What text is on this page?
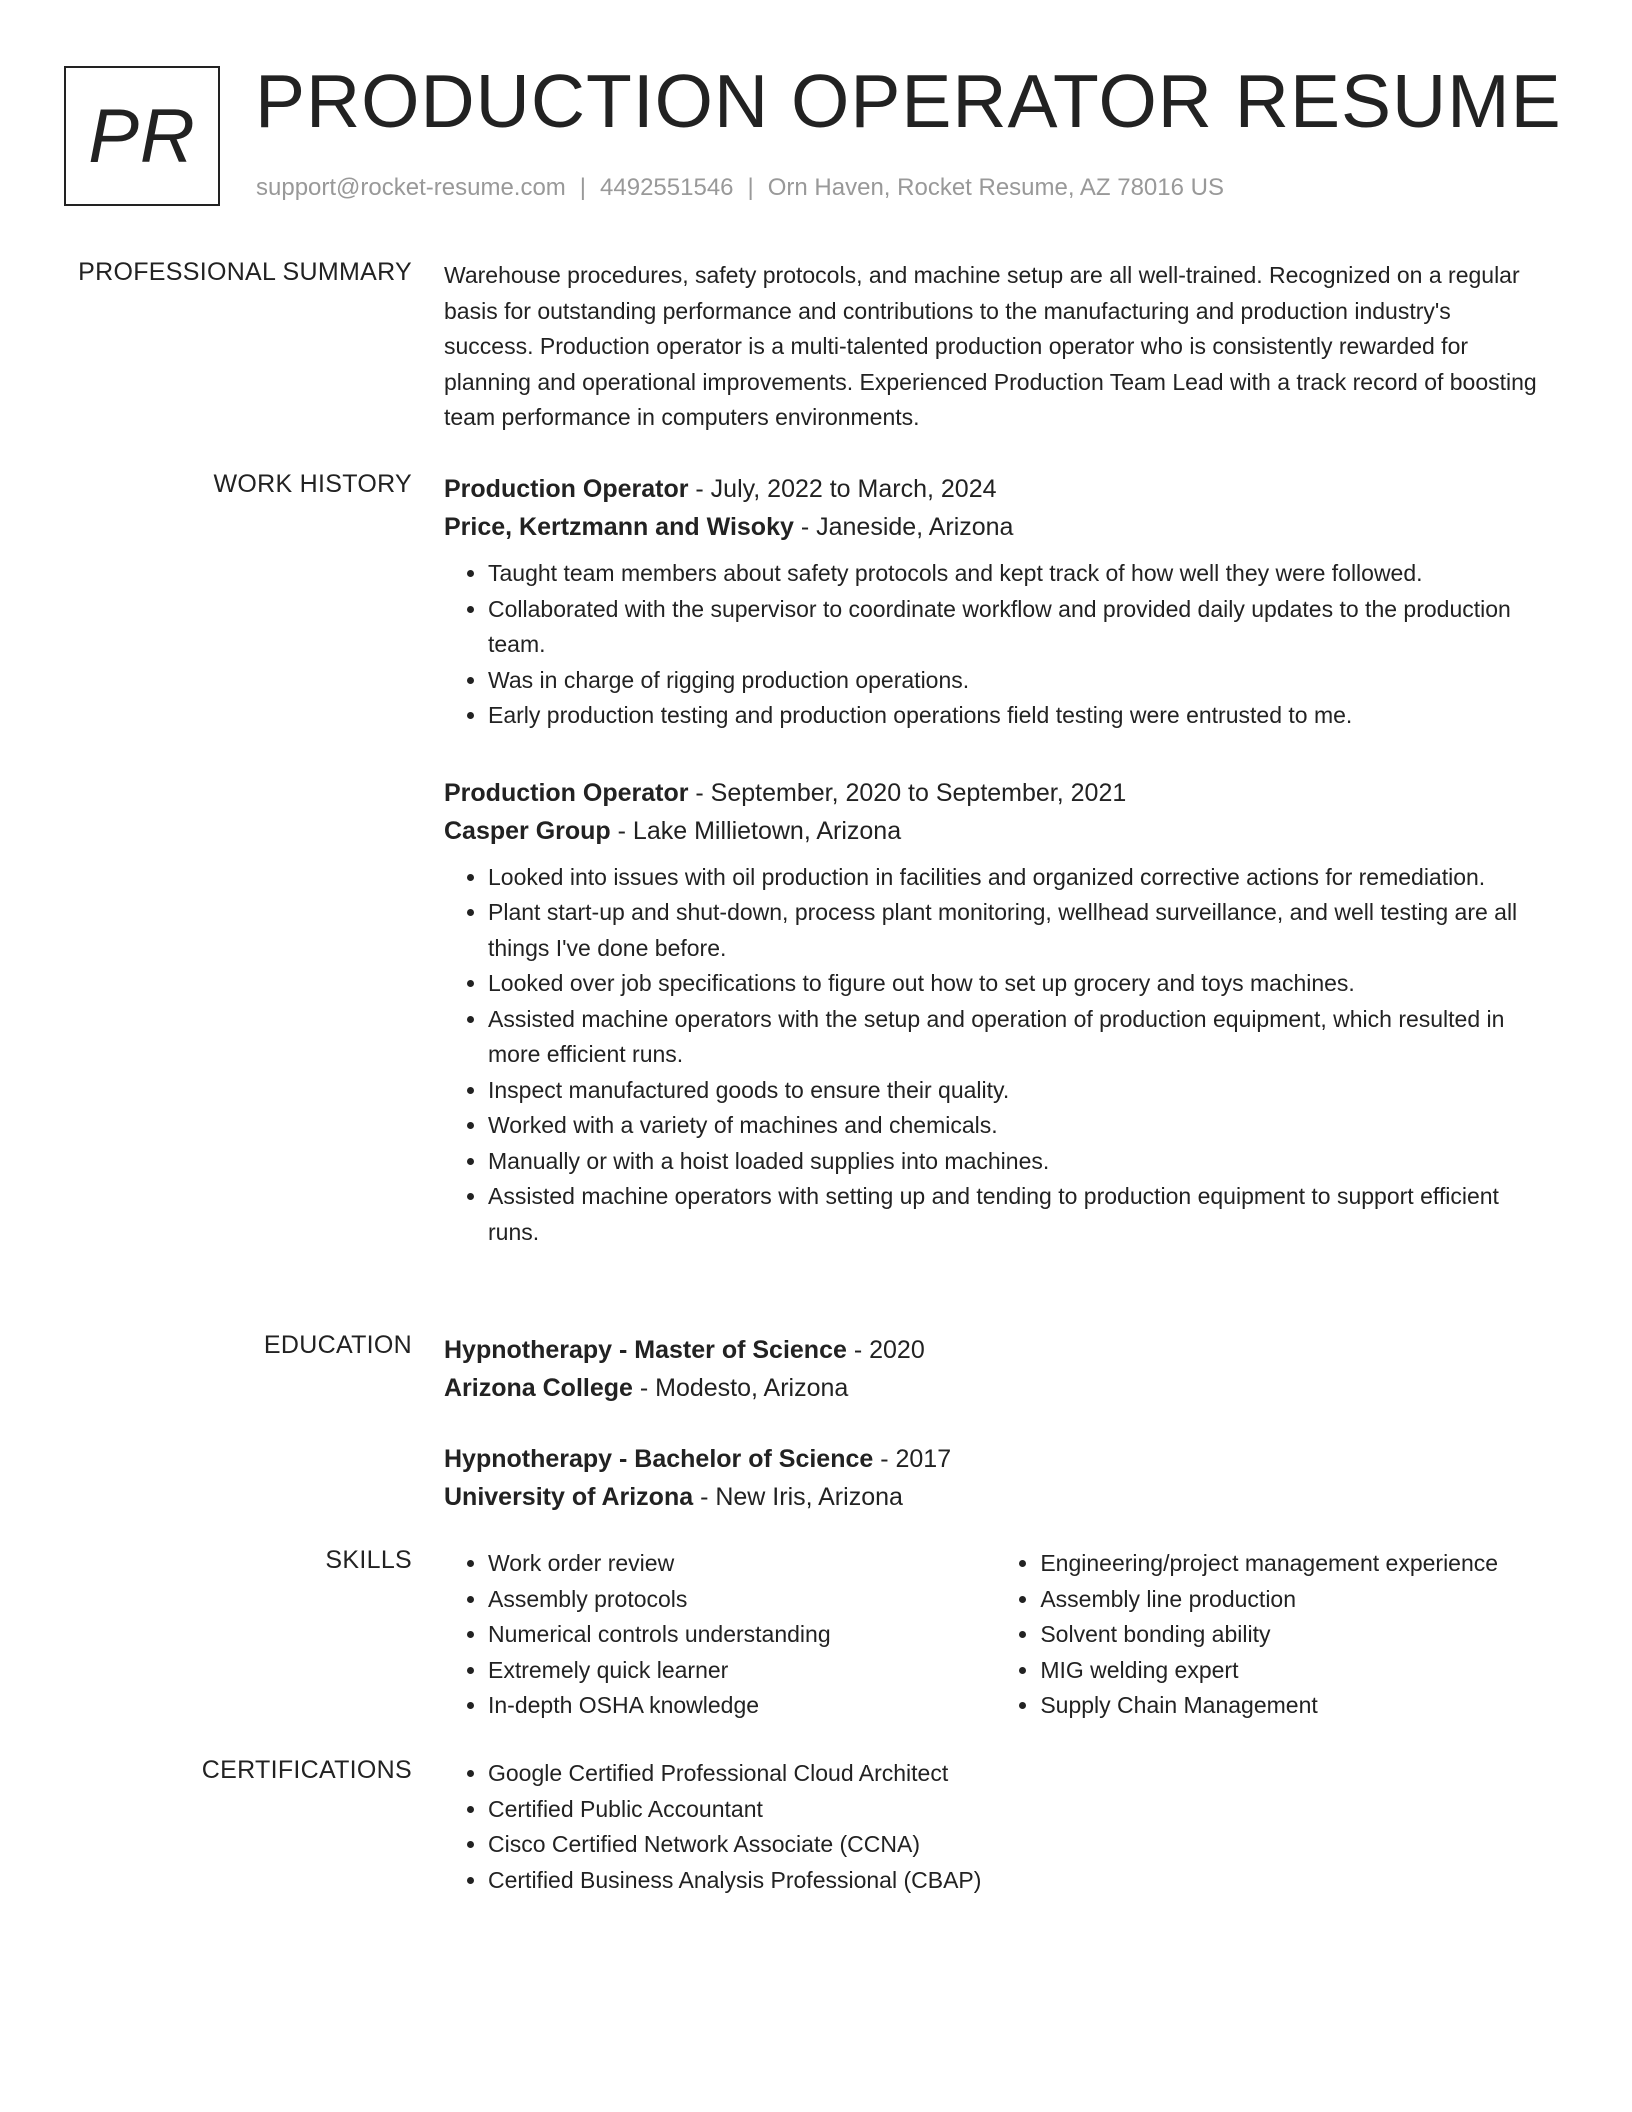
PR PRODUCTION OPERATOR RESUME
support@rocket-resume.com | 4492551546 | Orn Haven, Rocket Resume, AZ 78016 US
PROFESSIONAL SUMMARY Warehouse procedures, safety protocols, and machine setup are all well-trained. Recognized on a regular basis for outstanding performance and contributions to the manufacturing and production industry's success. Production operator is a multi-talented production operator who is consistently rewarded for planning and operational improvements. Experienced Production Team Lead with a track record of boosting team performance in computers environments.

WORK HISTORY Production Operator - July, 2022 to March, 2024
Price, Kertzmann and Wisoky - Janeside, Arizona
• Taught team members about safety protocols and kept track of how well they were followed.
• Collaborated with the supervisor to coordinate workflow and provided daily updates to the production team.
• Was in charge of rigging production operations.
• Early production testing and production operations field testing were entrusted to me.
Production Operator - September, 2020 to September, 2021
Casper Group - Lake Millietown, Arizona
• Looked into issues with oil production in facilities and organized corrective actions for remediation.
• Plant start-up and shut-down, process plant monitoring, wellhead surveillance, and well testing are all things I've done before.
• Looked over job specifications to figure out how to set up grocery and toys machines.
• Assisted machine operators with the setup and operation of production equipment, which resulted in more efficient runs.
• Inspect manufactured goods to ensure their quality.
• Worked with a variety of machines and chemicals.
• Manually or with a hoist loaded supplies into machines.
• Assisted machine operators with setting up and tending to production equipment to support efficient runs.
EDUCATION Hypnotherapy - Master of Science - 2020
Arizona College - Modesto, Arizona
Hypnotherapy - Bachelor of Science - 2017
University of Arizona - New Iris, Arizona
SKILLS	• Work order review
• Assembly protocols
• Numerical controls understanding
• Extremely quick learner
• In-depth OSHA knowledge
• Engineering/project management experience
• Assembly line production
• Solvent bonding ability
• MIG welding expert
• Supply Chain Management
CERTIFICATIONS	• Google Certified Professional Cloud Architect
• Certified Public Accountant
• Cisco Certified Network Associate (CCNA)
• Certified Business Analysis Professional (CBAP)
